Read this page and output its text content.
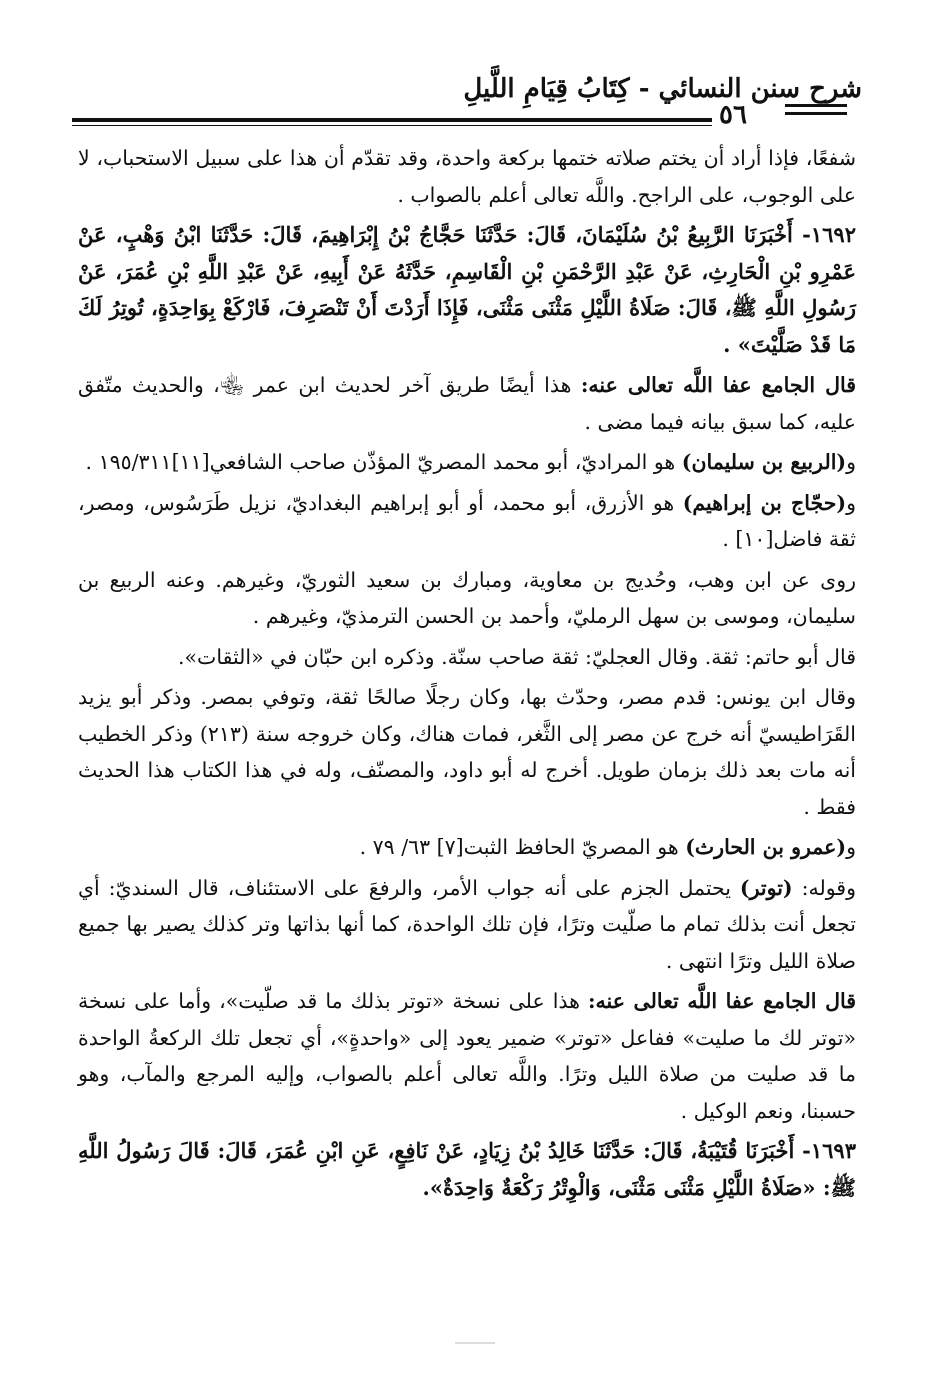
شرح سنن النسائي - كِتَابُ قِيَامِ اللَّيلِ
٥٦

شفعًا، فإذا أراد أن يختم صلاته ختمها بركعة واحدة، وقد تقدّم أن هذا على سبيل الاستحباب، لا على الوجوب، على الراجح. واللَّه تعالى أعلم بالصواب .

١٦٩٢- أَخْبَرَنَا الرَّبِيعُ بْنُ سُلَيْمَانَ، قَالَ: حَدَّثَنَا حَجَّاجُ بْنُ إِبْرَاهِيمَ، قَالَ: حَدَّثَنَا ابْنُ وَهْبٍ، عَنْ عَمْرِو بْنِ الْحَارِثِ، عَنْ عَبْدِ الرَّحْمَنِ بْنِ الْقَاسِمِ، حَدَّثَهُ عَنْ أَبِيهِ، عَنْ عَبْدِ اللَّهِ بْنِ عُمَرَ، عَنْ رَسُولِ اللَّهِ ﷺ، قَالَ: صَلَاةُ اللَّيْلِ مَثْنَى مَثْنَى، فَإِذَا أَرَدْتَ أَنْ تَنْصَرِفَ، فَارْكَعْ بِوَاحِدَةٍ، تُوتِرُ لَكَ مَا قَدْ صَلَّيْتَ» .

قال الجامع عفا اللَّه تعالى عنه: هذا أيضًا طريق آخر لحديث ابن عمر ﵄، والحديث متّفق عليه، كما سبق بيانه فيما مضى .

و(الربيع بن سليمان) هو المراديّ، أبو محمد المصريّ المؤذّن صاحب الشافعي[١١]١٩٥/٣١١ .

و(حجّاج بن إبراهيم) هو الأزرق، أبو محمد، أو أبو إبراهيم البغداديّ، نزيل طَرَسُوس، ومصر، ثقة فاضل[١٠] .

روى عن ابن وهب، وحُديج بن معاوية، ومبارك بن سعيد الثوريّ، وغيرهم. وعنه الربيع بن سليمان، وموسى بن سهل الرمليّ، وأحمد بن الحسن الترمذيّ، وغيرهم .

قال أبو حاتم: ثقة. وقال العجليّ: ثقة صاحب سنّة. وذكره ابن حبّان في «الثقات».

وقال ابن يونس: قدم مصر، وحدّث بها، وكان رجلًا صالحًا ثقة، وتوفي بمصر. وذكر أبو يزيد القَرَاطيسيّ أنه خرج عن مصر إلى الثَّغر، فمات هناك، وكان خروجه سنة (٢١٣) وذكر الخطيب أنه مات بعد ذلك بزمان طويل. أخرج له أبو داود، والمصنّف، وله في هذا الكتاب هذا الحديث فقط .

و(عمرو بن الحارث) هو المصريّ الحافظ الثبت[٧] ٦٣/ ٧٩ .

وقوله: (توتر) يحتمل الجزم على أنه جواب الأمر، والرفعَ على الاستئناف، قال السنديّ: أي تجعل أنت بذلك تمام ما صلّيت وترًا، فإن تلك الواحدة، كما أنها بذاتها وتر كذلك يصير بها جميع صلاة الليل وترًا انتهى .

قال الجامع عفا اللَّه تعالى عنه: هذا على نسخة «توتر بذلك ما قد صلّيت»، وأما على نسخة «توتر لك ما صليت» ففاعل «توتر» ضمير يعود إلى «واحدةٍ»، أي تجعل تلك الركعةُ الواحدة ما قد صليت من صلاة الليل وترًا. واللَّه تعالى أعلم بالصواب، وإليه المرجع والمآب، وهو حسبنا، ونعم الوكيل .

١٦٩٣- أَخْبَرَنَا قُتَيْبَةُ، قَالَ: حَدَّثَنَا خَالِدُ بْنُ زِيَادٍ، عَنْ نَافِعٍ، عَنِ ابْنِ عُمَرَ، قَالَ: قَالَ رَسُولُ اللَّهِ ﷺ: «صَلَاةُ اللَّيْلِ مَثْنَى مَثْنَى، وَالْوِتْرُ رَكْعَةٌ وَاحِدَةٌ».
